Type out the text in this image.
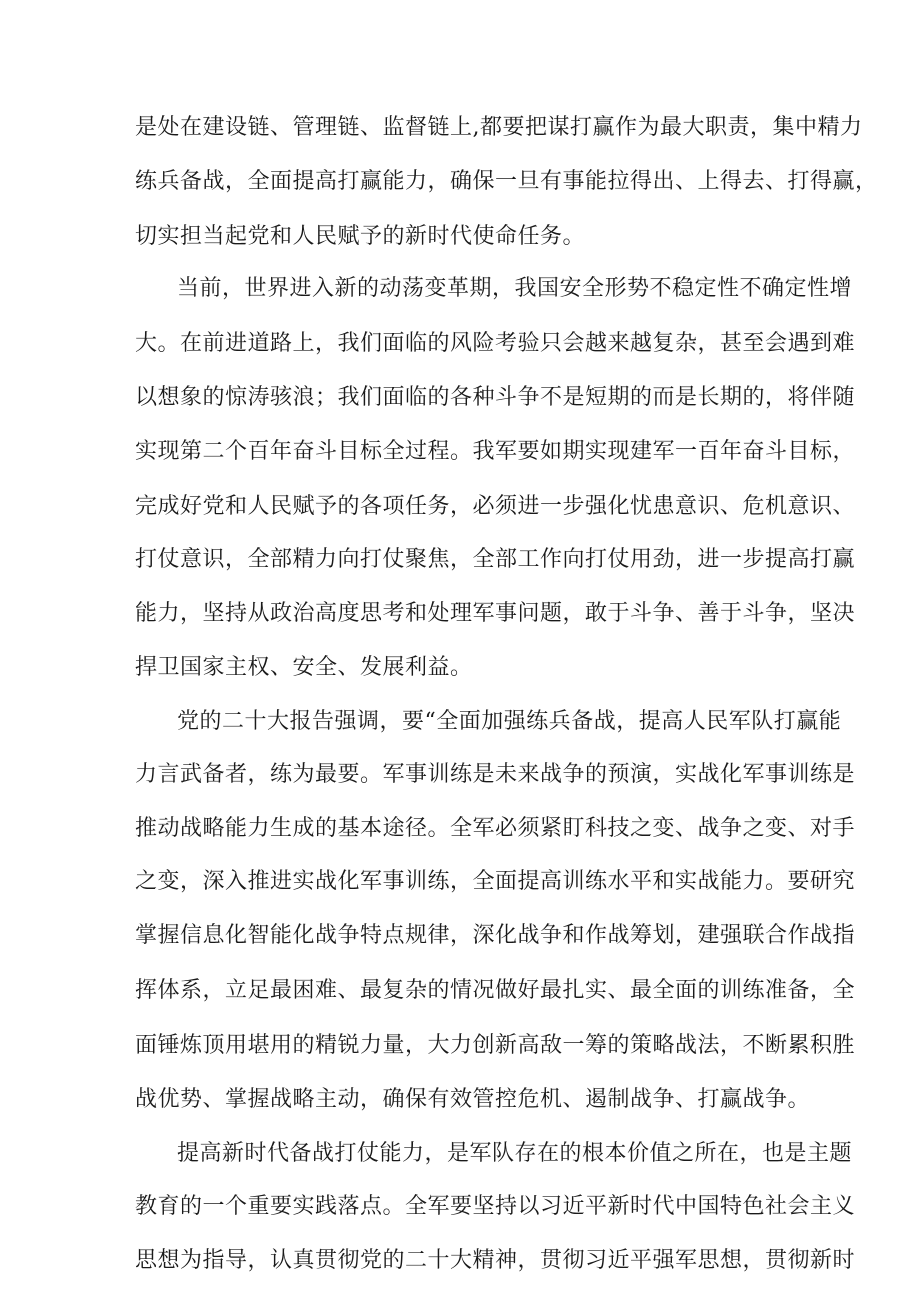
是处在建设链、管理链、监督链上,都要把谋打赢作为最大职责，集中精力

练兵备战，全面提高打赢能力，确保一旦有事能拉得出、上得去、打得赢，

切实担当起党和人民赋予的新时代使命任务。

当前，世界进入新的动荡变革期，我国安全形势不稳定性不确定性增

大。在前进道路上，我们面临的风险考验只会越来越复杂，甚至会遇到难

以想象的惊涛骇浪；我们面临的各种斗争不是短期的而是长期的，将伴随

实现第二个百年奋斗目标全过程。我军要如期实现建军一百年奋斗目标，

完成好党和人民赋予的各项任务，必须进一步强化忧患意识、危机意识、

打仗意识，全部精力向打仗聚焦，全部工作向打仗用劲，进一步提高打赢

能力，坚持从政治高度思考和处理军事问题，敢于斗争、善于斗争，坚决

捍卫国家主权、安全、发展利益。

党的二十大报告强调，要“全面加强练兵备战，提高人民军队打赢能

力言武备者，练为最要。军事训练是未来战争的预演，实战化军事训练是

推动战略能力生成的基本途径。全军必须紧盯科技之变、战争之变、对手

之变，深入推进实战化军事训练，全面提高训练水平和实战能力。要研究

掌握信息化智能化战争特点规律，深化战争和作战筹划，建强联合作战指

挥体系，立足最困难、最复杂的情况做好最扎实、最全面的训练准备，全

面锤炼顶用堪用的精锐力量，大力创新高敌一筹的策略战法，不断累积胜

战优势、掌握战略主动，确保有效管控危机、遏制战争、打赢战争。

提高新时代备战打仗能力，是军队存在的根本价值之所在，也是主题

教育的一个重要实践落点。全军要坚持以习近平新时代中国特色社会主义

思想为指导，认真贯彻党的二十大精神，贯彻习近平强军思想，贯彻新时
